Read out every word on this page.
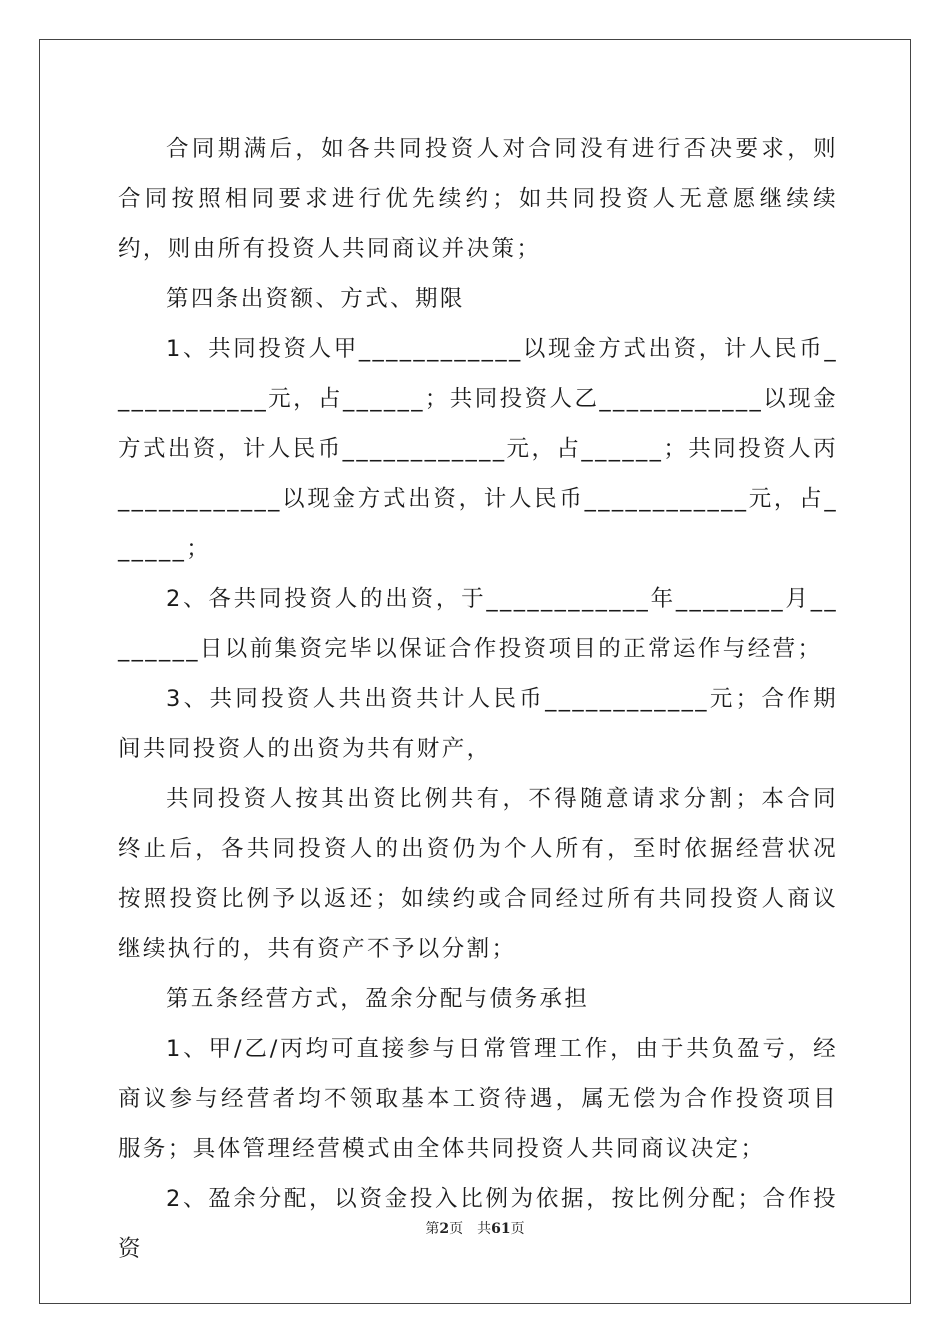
合同期满后，如各共同投资人对合同没有进行否决要求，则合同按照相同要求进行优先续约；如共同投资人无意愿继续续约，则由所有投资人共同商议并决策；

第四条出资额、方式、期限

1、共同投资人甲____________以现金方式出资，计人民币____________元，占______；共同投资人乙____________以现金方式出资，计人民币____________元，占______；共同投资人丙____________以现金方式出资，计人民币____________元，占______；

2、各共同投资人的出资，于____________年________月________日以前集资完毕以保证合作投资项目的正常运作与经营；

3、共同投资人共出资共计人民币____________元；合作期间共同投资人的出资为共有财产，

共同投资人按其出资比例共有，不得随意请求分割；本合同终止后，各共同投资人的出资仍为个人所有，至时依据经营状况按照投资比例予以返还；如续约或合同经过所有共同投资人商议继续执行的，共有资产不予以分割；

第五条经营方式，盈余分配与债务承担

1、甲/乙/丙均可直接参与日常管理工作，由于共负盈亏，经商议参与经营者均不领取基本工资待遇，属无偿为合作投资项目服务；具体管理经营模式由全体共同投资人共同商议决定；

2、盈余分配，以资金投入比例为依据，按比例分配；合作投资

第2页 共61页
